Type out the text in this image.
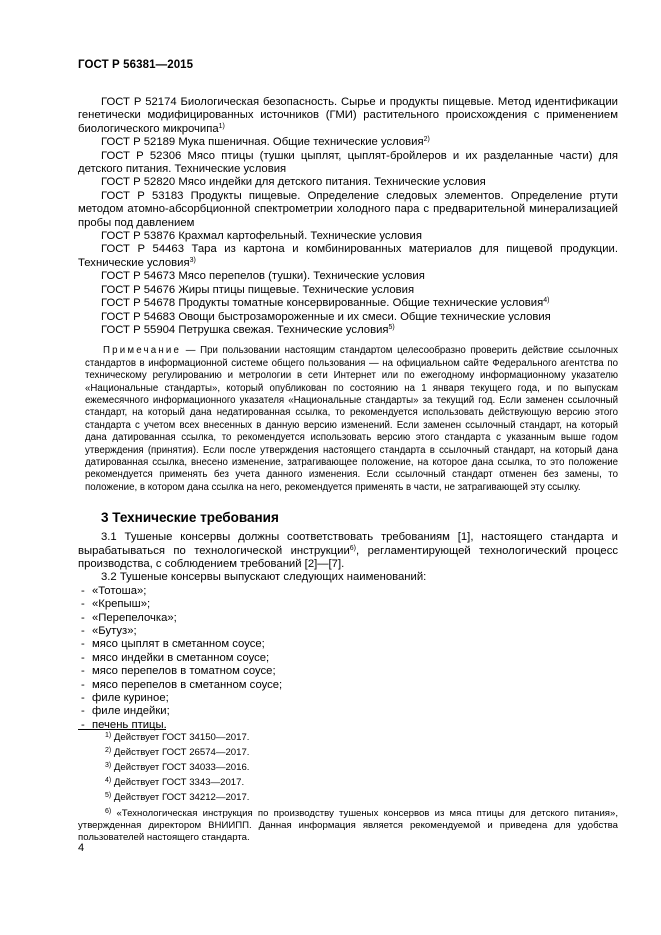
ГОСТ Р 56381—2015

ГОСТ Р 52174 Биологическая безопасность. Сырье и продукты пищевые. Метод идентификации генетически модифицированных источников (ГМИ) растительного происхождения с применением биологического микрочипа$^{1)}$

ГОСТ Р 52189 Мука пшеничная. Общие технические условия$^{2)}$

ГОСТ Р 52306 Мясо птицы (тушки цыплят, цыплят-бройлеров и их разделанные части) для детского питания. Технические условия

ГОСТ Р 52820 Мясо индейки для детского питания. Технические условия

ГОСТ Р 53183 Продукты пищевые. Определение следовых элементов. Определение ртути методом атомно-абсорбционной спектрометрии холодного пара с предварительной минерализацией пробы под давлением

ГОСТ Р 53876 Крахмал картофельный. Технические условия

ГОСТ Р 54463 Тара из картона и комбинированных материалов для пищевой продукции. Технические условия$^{3)}$

ГОСТ Р 54673 Мясо перепелов (тушки). Технические условия

ГОСТ Р 54676 Жиры птицы пищевые. Технические условия

ГОСТ Р 54678 Продукты томатные консервированные. Общие технические условия$^{4)}$

ГОСТ Р 54683 Овощи быстрозамороженные и их смеси. Общие технические условия

ГОСТ Р 55904 Петрушка свежая. Технические условия$^{5)}$

Примечание — При пользовании настоящим стандартом целесообразно проверить действие ссылочных стандартов в информационной системе общего пользования — на официальном сайте Федерального агентства по техническому регулированию и метрологии в сети Интернет или по ежегодному информационному указателю «Национальные стандарты», который опубликован по состоянию на 1 января текущего года, и по выпускам ежемесячного информационного указателя «Национальные стандарты» за текущий год. Если заменен ссылочный стандарт, на который дана недатированная ссылка, то рекомендуется использовать действующую версию этого стандарта с учетом всех внесенных в данную версию изменений. Если заменен ссылочный стандарт, на который дана датированная ссылка, то рекомендуется использовать версию этого стандарта с указанным выше годом утверждения (принятия). Если после утверждения настоящего стандарта в ссылочный стандарт, на который дана датированная ссылка, внесено изменение, затрагивающее положение, на которое дана ссылка, то это положение рекомендуется применять без учета данного изменения. Если ссылочный стандарт отменен без замены, то положение, в котором дана ссылка на него, рекомендуется применять в части, не затрагивающей эту ссылку.

3 Технические требования

3.1 Тушеные консервы должны соответствовать требованиям [1], настоящего стандарта и вырабатываться по технологической инструкции$^{6)}$, регламентирующей технологический процесс производства, с соблюдением требований [2]—[7].

3.2 Тушеные консервы выпускают следующих наименований:

- «Тотоша»;
- «Крепыш»;
- «Перепелочка»;
- «Бутуз»;
- мясо цыплят в сметанном соусе;
- мясо индейки в сметанном соусе;
- мясо перепелов в томатном соусе;
- мясо перепелов в сметанном соусе;
- филе куриное;
- филе индейки;
- печень птицы.
$^{1)}$ Действует ГОСТ 34150—2017.
$^{2)}$ Действует ГОСТ 26574—2017.
$^{3)}$ Действует ГОСТ 34033—2016.
$^{4)}$ Действует ГОСТ 3343—2017.
$^{5)}$ Действует ГОСТ 34212—2017.
$^{6)}$ «Технологическая инструкция по производству тушеных консервов из мяса птицы для детского питания», утвержденная директором ВНИИПП. Данная информация является рекомендуемой и приведена для удобства пользователей настоящего стандарта.
4
